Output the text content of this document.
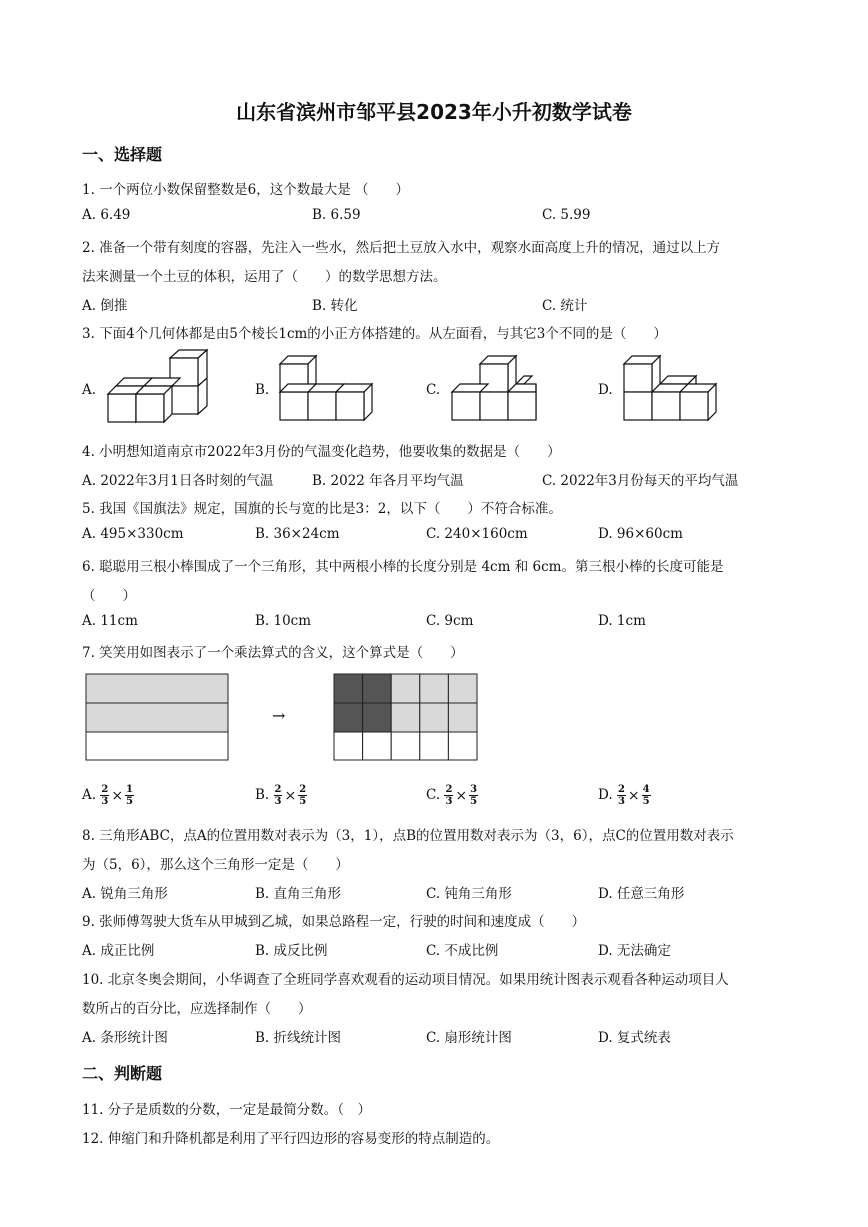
山东省滨州市邹平县2023年小升初数学试卷
一、选择题
1. 一个两位小数保留整数是6，这个数最大是 （　　）
A. 6.49	B. 6.59	C. 5.99
2. 准备一个带有刻度的容器，先注入一些水，然后把土豆放入水中，观察水面高度上升的情况，通过以上方
法来测量一个土豆的体积，运用了（　　）的数学思想方法。
A. 倒推	B. 转化	C. 统计
3. 下面4个几何体都是由5个棱长1cm的小正方体搭建的。从左面看，与其它3个不同的是（　　）
A.	B.	C.	D.
4. 小明想知道南京市2022年3月份的气温变化趋势，他要收集的数据是（　　）
A. 2022年3月1日各时刻的气温	B. 2022 年各月平均气温	C. 2022年3月份每天的平均气温
5. 我国《国旗法》规定，国旗的长与宽的比是3：2，以下（　　）不符合标准。
A. 495×330cm	B. 36×24cm	C. 240×160cm	D. 96×60cm
6. 聪聪用三根小棒围成了一个三角形，其中两根小棒的长度分别是 4cm 和 6cm。第三根小棒的长度可能是
（　　）
A. 11cm	B. 10cm	C. 9cm	D. 1cm
7. 笑笑用如图表示了一个乘法算式的含义，这个算式是（　　）
→
A. $\frac{2}{3} \times \frac{1}{5}$	B. $\frac{2}{3} \times \frac{2}{5}$	C. $\frac{2}{3} \times \frac{3}{5}$	D. $\frac{2}{3} \times \frac{4}{5}$
8. 三角形ABC，点A的位置用数对表示为（3，1），点B的位置用数对表示为（3，6），点C的位置用数对表示
为（5，6），那么这个三角形一定是（　　）
A. 锐角三角形	B. 直角三角形	C. 钝角三角形	D. 任意三角形
9. 张师傅驾驶大货车从甲城到乙城，如果总路程一定，行驶的时间和速度成（　　）
A. 成正比例	B. 成反比例	C. 不成比例	D. 无法确定
10. 北京冬奥会期间，小华调查了全班同学喜欢观看的运动项目情况。如果用统计图表示观看各种运动项目人
数所占的百分比，应选择制作（　　）
A. 条形统计图	B. 折线统计图	C. 扇形统计图	D. 复式统表
二、判断题
11. 分子是质数的分数，一定是最简分数。（　）
12. 伸缩门和升降机都是利用了平行四边形的容易变形的特点制造的。
